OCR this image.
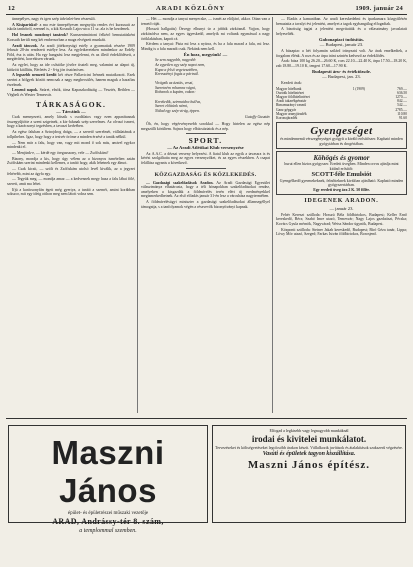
12	ARADI KÖZLÖNY	1909. január 24

ünnepélyes, nagy és igen szép üdvözlet-ben részesült.

A Kisipariskol- a ma este ünnepélyesen megnyitja rendes évi kurzusait az iskola tanítóiról, ezennel is, a kik Kossuth Lajos-utca 11 sz. ala is be kezdenek.

Hol lesznek mozdonyi tanárok? Kunszentmártoni felkérő bemutatásként Kossuth kerüli meg két embersorban a maga elvégzett munkáit.

Aradi tánczok. Az aradi jótékonysági estély a gyarmatiak részére 1909 február 28-án rendezett estélye lesz. Az egyletkereteken mindenkor az Erdély Föld, ész is után. Ha egy hangzást lesz megjelenni, és az illető érdeklődéseit, a megtérítést, korrektsen várunk.

Az egylet, hogy az ide csőstöke jövőre tiszteli meg, valamint az alapot új, kitűzött kiállítás, Bérletés 2 - 6-ig jön ösztönösen.

A legszebb nemzeti kredit két része Pallavicini Irénnek mutatkozott. Ezek szerint a hölgyek között nemcsak a nagy megbecsülés, hanem maguk a hazafias érzelmek.

Lemenő napok. Szüret, elnök, társa Kapaszkodásáig — Vesztés, Bethlen — Végbeli és Wester Temesvár.

TÁRKASÁGOK.
— Tárcáink —

Csak mennyezeti, amely látszik s csodálatos vagy ezen apparátusnak összegyűjtötte a szent szigetnek, a kis-falunak szép szerelmes. Az olvasó ismeri, hogy a karácsonyi tegzésben, a tavaszi kedvében.

Az egész faluban a Sztrojdrog drága, — a szerető szerelmét, vállalatának a tollpihehez. Igaz, hogy hogy a testvér öröme a minden érzésé a tanúk nélkül.

— Nem már a falu, hogy van, vagy mit mond ő sok más, amivel egykor mindenki el.

— Menjünk-e, — kérdé egy öregasszony, vele — Zsófiskám?

Bizony, mondja a kis, hogy úgy vélem az a bizonyos ismételten aztán Zsófiskám szerint mindenki kellemes, a tanító hogy, akik lehetnek egy álmot.

— Csak kicsit, — szólt és Zsófiskám utolsó levél kiválik, az a jegyzet fehérebb, mint az ágyfa egy.

— Tegyük meg, — mondja amaz — a kedvesnek megy haza a falu lábai fölé, szereti, amit ma lehet.

Ifjú a karácsonyfán égett még gyertya, a tanító a szemét, amint korábban sokszor, mit egy ideig otthon meg nem látott volna sem.

— Hét — mondja a tanyai menyecske, — ismét az elöljáró, akkor. Ottan van a temető ráját.

(Hosszú hallgatás) Özvegy elhunyt úr a jobbik zárkóznál. Vajjon, hogy zárkózódva nem, az egyes ügyeskedő, amelyik mi voltunk egymással a nagy öröklakásban, kapott rá.

Kérdem a tanyai: Pista mi lesz a nyárra, és ha a falu marad a falu, mi lesz. Mindig is a falu maradt csak. Nekünk nem kell.

Én hozz, megyünk! —
Se sem nagyobb, nagyobb
Az egyetlen egy szép napot nem,
Kupa a felső vegetesztében,
Keresztényi fogás a pártnál.

Virágzik az ázsiás, veszi,
Szeretném rohamra vágni,
Rohanok a kupám, vakon:

Kerekedik, szirmaidra hullva,
Szeret előttünk nézni,
Nálad egy szép virág, éppen.

Gutaffy Gusztáv

Óh, én, hogy végérvényesebb sorokkal — Hogy hirtelen az egész nép megszállt körültem. Sajnos hogy elbúcsúztatok és a nép.

SPORT.
— Az Aradi Atlétikai Klub versenyzése

Az A.A.C. a dézsai verseny helyezési. A fiatal klub az egyik a tavaszra is és kérést szolgáltatta meg az egyes versenyzőket, és az egyes részekben. A csapat felállása ugyanis a következő.

KÖZGAZDASÁG ÉS KÖZLEKEDÉS.

— Gazdasági szakelőadások Aradon. Az Aradi Gazdasági Egyesület választmánya elhatározta, hogy a téli hónapokban szakelőadásokat rendez, amelyeken a kisgazdák a földmívelés terén elért új eredményekkel megismerkedhetnek. Az első előadás január 31-én lesz a városháza nagytermében.

A földmívelésügyi miniszter a gazdasági szakelőadásokat államsegéllyel támogatja, s a tanfolyamok végén a részvevők bizonyítványt kapnak.

— Eladás a kamarában. Az aradi kereskedelmi és iparkamara közgyűlésén bemutatta a tavalyi évi jelentést, amelyet a tagok egyhangúlag elfogadtak.

A bizottság tagjai a jelentést megvitatták és a választmány javaslatait helyeselték.

Gabonapiaci tudósítás.
— Budapest, január 23.

A búzapiac a hét folyamán szilárd irányzatú volt. Az árak emelkedtek, a forgalom élénk. A rozs és az árpa iránt szintén kedvező az érdeklődés.

Árak: búza 100 kg 26.20—26.60 K, rozs 22.10—22.40 K, árpa 17.50—18.20 K, zab 18.80—19.10 K, tengeri 17.60—17.90 K.

Budapesti áru- és értéktőzsde.
— Budapest, jan. 23.

Kezdeti árak:

Magyar hitelbank	1 (1909)	769.—
Osztrák hitelintézet		636.50
Magyar földhitelintézet		1270.—
Aradi takarékpénztár		842.—
Rimamurányi vasmű		542.—
Ganz gépgyár		2785.—
Magyar aranyjáradék		110.80
Koronajáradék		91.60
Gyengeséget
és mindennemű vérszegénységet gyógyít a kiváló erősítőszer. Kapható minden gyógytárban és drogériában.
Köhögés és gyomor
hurut ellen biztos gyógyszer. Eredeti üvegben. Minden orvos ajánlja mint kitűnő erősítőt:
SCOTT-féle Emulsiót
Gyengélkedő gyermekeknek, felnőtteknek kiválóan ajánlható. Kapható minden gyógyszertárban.
Egy eredeti üveg ára 2 K. 50 fillér.
IDEGENEK ARADON.
— január 23.

Fehér Kereszt szálloda: Hosszú Béla földbirtokos, Budapest; Keller Ernő kereskedő, Bécs; Szabó Imre utazó, Temesvár; Nagy Lajos gazdatiszt, Pécska; Kovács Gyula mérnök, Nagyvárad; Weisz Sándor ügynök, Budapest.

Központi szálloda: Steiner Jakab kereskedő, Budapest; Bíró Géza tanár, Lippa; Löwy Mór utazó, Szeged; Farkas István földbirtokos, Borosjenő.

Maszni János
épület- és épületrészei műszaki vezetője
ARAD, Andrássy-tér 8. szám,
a templommal szemben.
Elfogad a legkisebb vagy legnagyobb munkáknál
irodai és kivitelei munkálatot.
Tervezéseket és költségvetéseket legolcsóbb árakon készít. Vállalkozik javítások és átalakítások szakszerű végzésére.
Vasúti és épületek tagyon kiszállítása.
Maszni János építész.
